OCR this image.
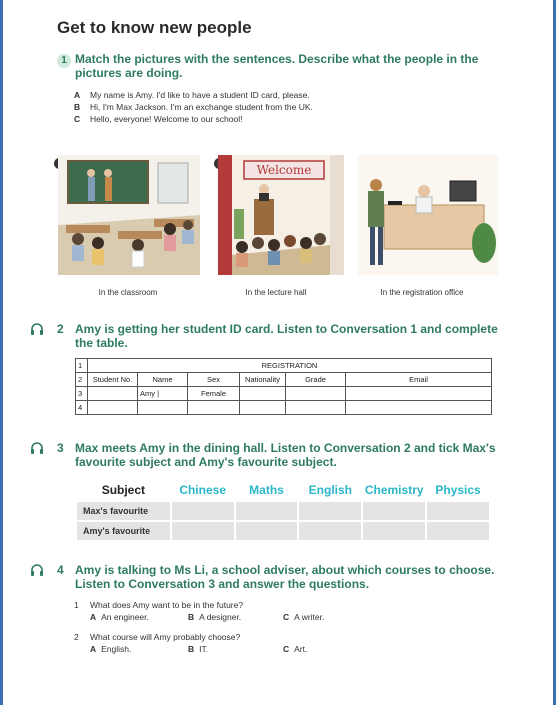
Get to know new people
1 Match the pictures with the sentences. Describe what the people in the pictures are doing.
A My name is Amy. I'd like to have a student ID card, please.
B Hi, I'm Max Jackson. I'm an exchange student from the UK.
C Hello, everyone! Welcome to our school!
Welcome
In the classroom	In the lecture hall	In the registration office
2 Amy is getting her student ID card. Listen to Conversation 1 and complete the table.
1	REGISTRATION					
2	Student No.	Name	Sex	Nationality	Grade	Email
3		Amy |	Female			
4						
3 Max meets Amy in the dining hall. Listen to Conversation 2 and tick Max's favourite subject and Amy's favourite subject.
Subject	Chinese	Maths	English	Chemistry	Physics
Max's favourite					
Amy's favourite					
4 Amy is talking to Ms Li, a school adviser, about which courses to choose. Listen to Conversation 3 and answer the questions.
1 What does Amy want to be in the future?
A An engineer.	B A designer.	C A writer.
2 What course will Amy probably choose?
A English.	B IT.	C Art.
